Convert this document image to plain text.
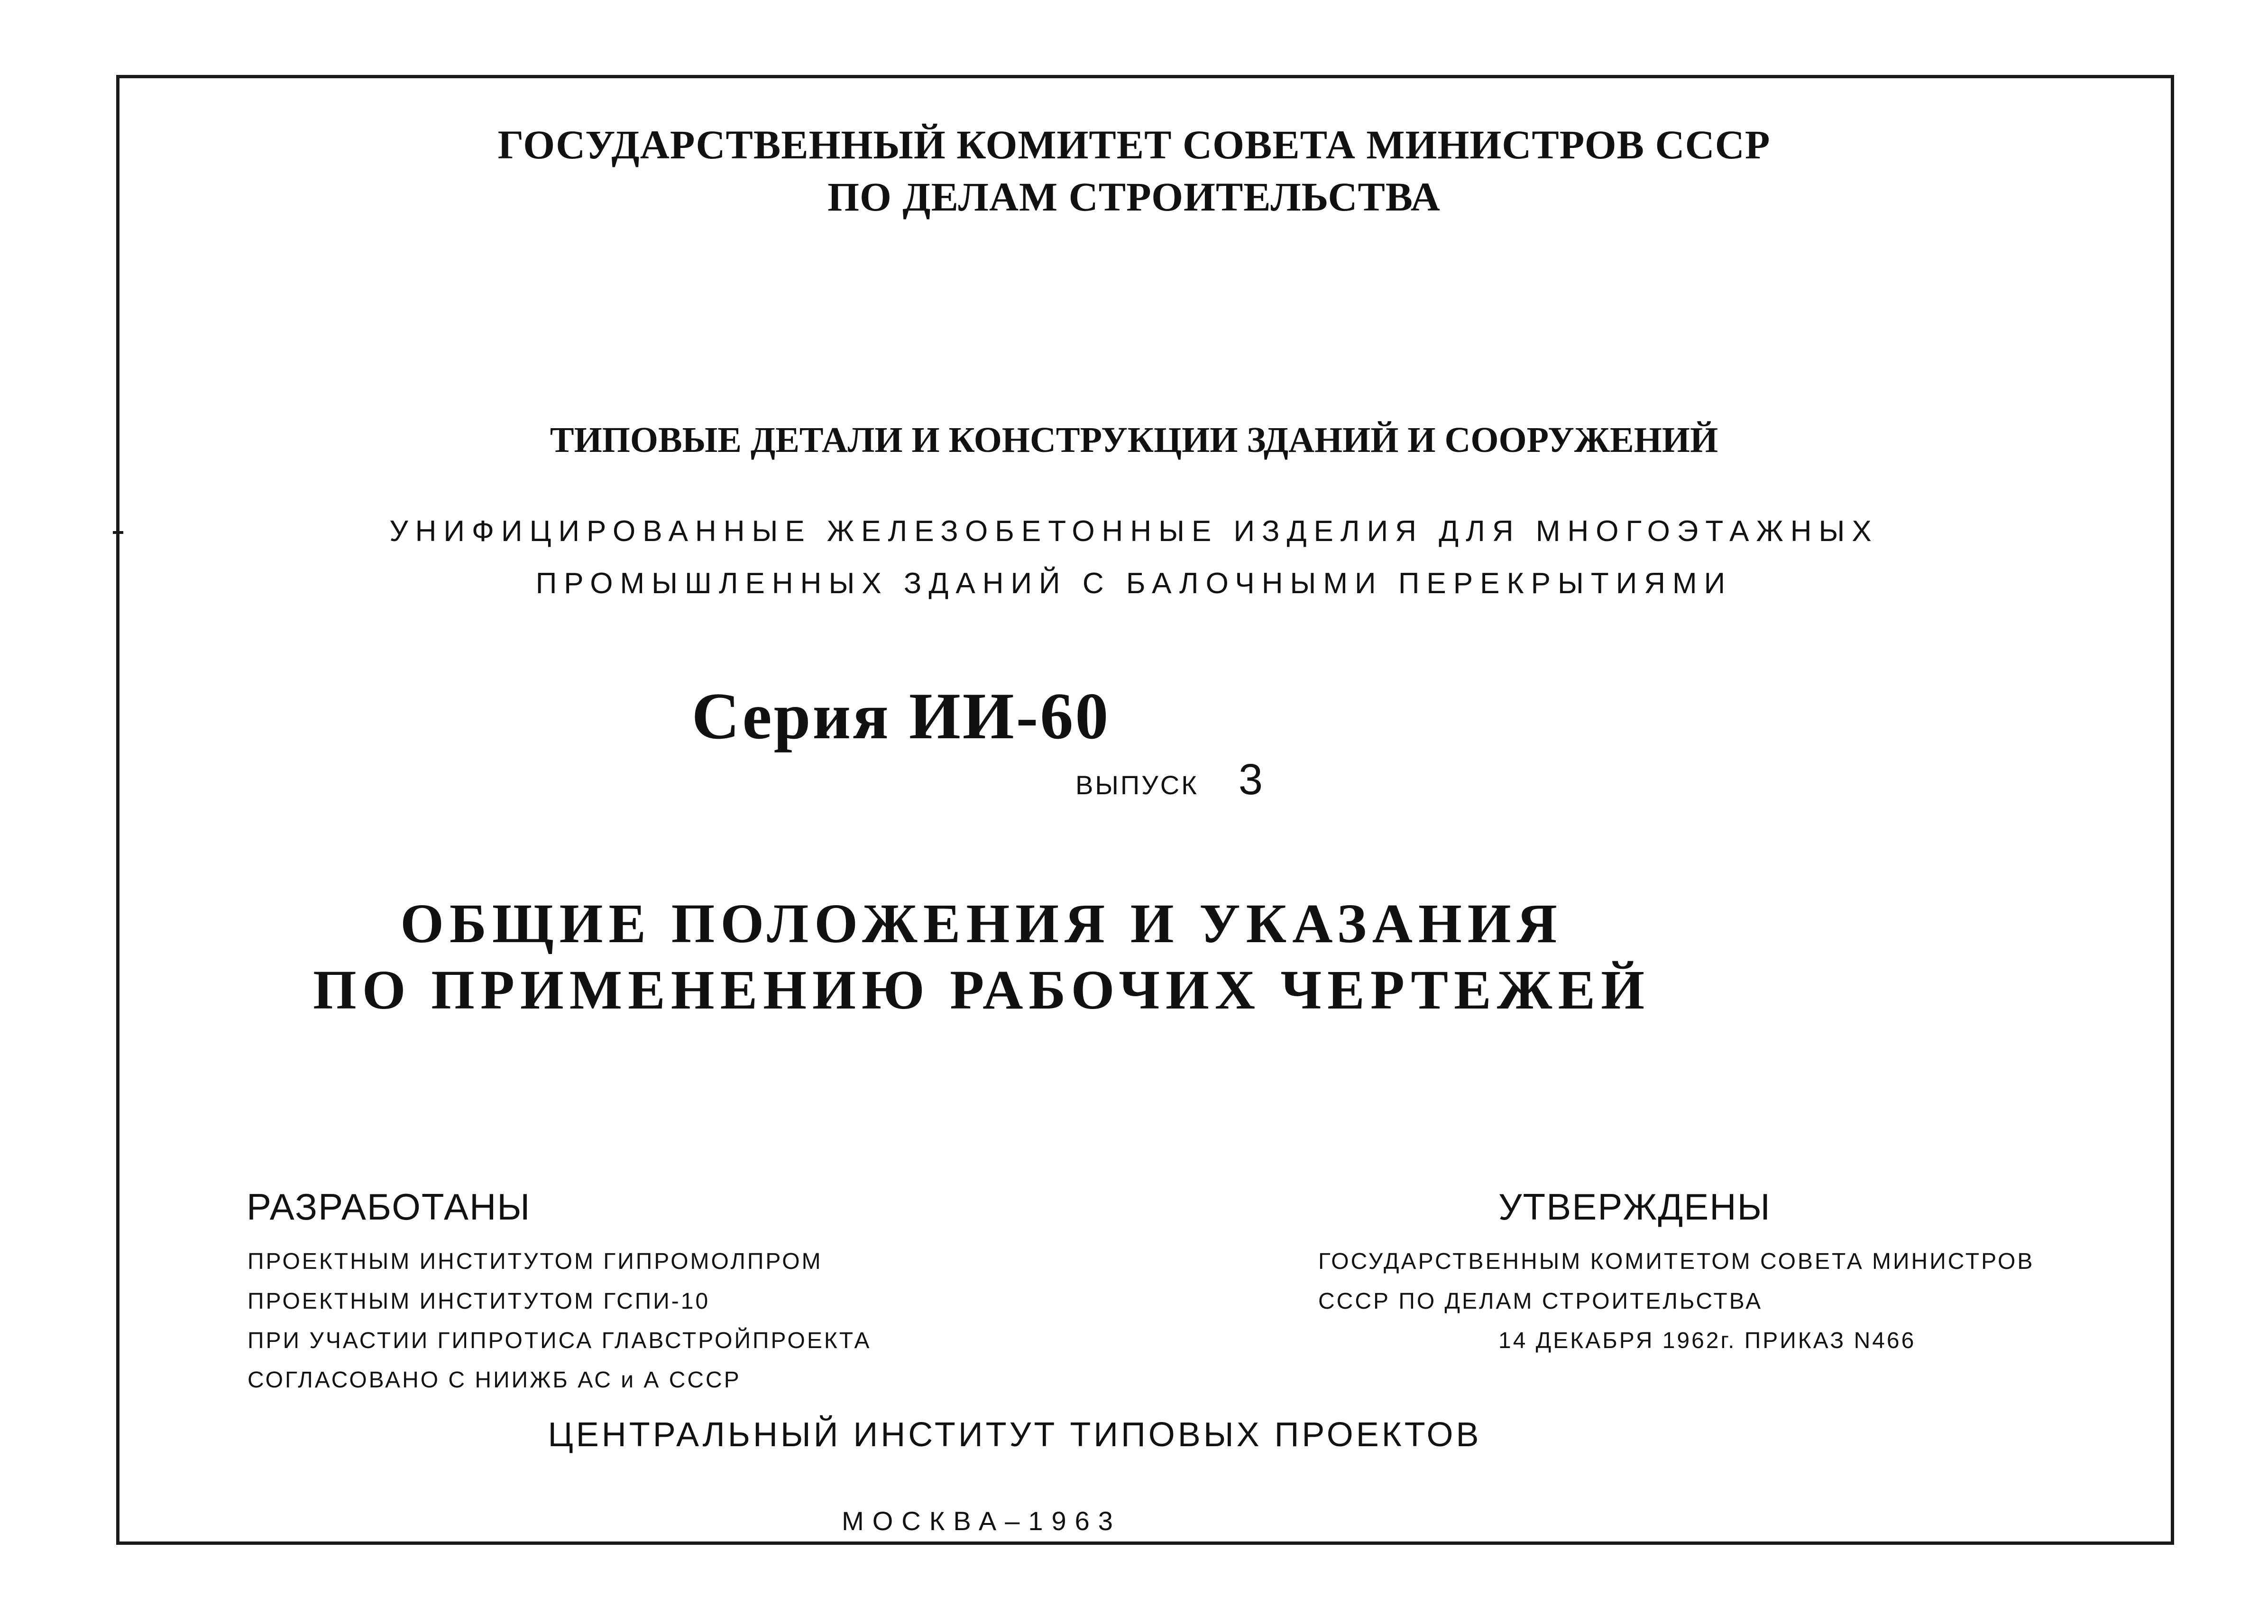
ГОСУДАРСТВЕННЫЙ КОМИТЕТ СОВЕТА МИНИСТРОВ СССР

ПО ДЕЛАМ СТРОИТЕЛЬСТВА

ТИПОВЫЕ ДЕТАЛИ И КОНСТРУКЦИИ ЗДАНИЙ И СООРУЖЕНИЙ

УНИФИЦИРОВАННЫЕ ЖЕЛЕЗОБЕТОННЫЕ ИЗДЕЛИЯ ДЛЯ МНОГОЭТАЖНЫХ

ПРОМЫШЛЕННЫХ ЗДАНИЙ С БАЛОЧНЫМИ ПЕРЕКРЫТИЯМИ

Серия ИИ-60

ВЫПУСК 3

ОБЩИЕ ПОЛОЖЕНИЯ И УКАЗАНИЯ

ПО ПРИМЕНЕНИЮ РАБОЧИХ ЧЕРТЕЖЕЙ

РАЗРАБОТАНЫ

ПРОЕКТНЫМ ИНСТИТУТОМ ГИПРОМОЛПРОМ

ПРОЕКТНЫМ ИНСТИТУТОМ ГСПИ-10

ПРИ УЧАСТИИ ГИПРОТИСА ГЛАВСТРОЙПРОЕКТА

СОГЛАСОВАНО С НИИЖБ АС и А СССР

УТВЕРЖДЕНЫ

ГОСУДАРСТВЕННЫМ КОМИТЕТОМ СОВЕТА МИНИСТРОВ

СССР ПО ДЕЛАМ СТРОИТЕЛЬСТВА

14 ДЕКАБРЯ 1962г. ПРИКАЗ N466

ЦЕНТРАЛЬНЫЙ ИНСТИТУТ ТИПОВЫХ ПРОЕКТОВ

МОСКВА–1963
